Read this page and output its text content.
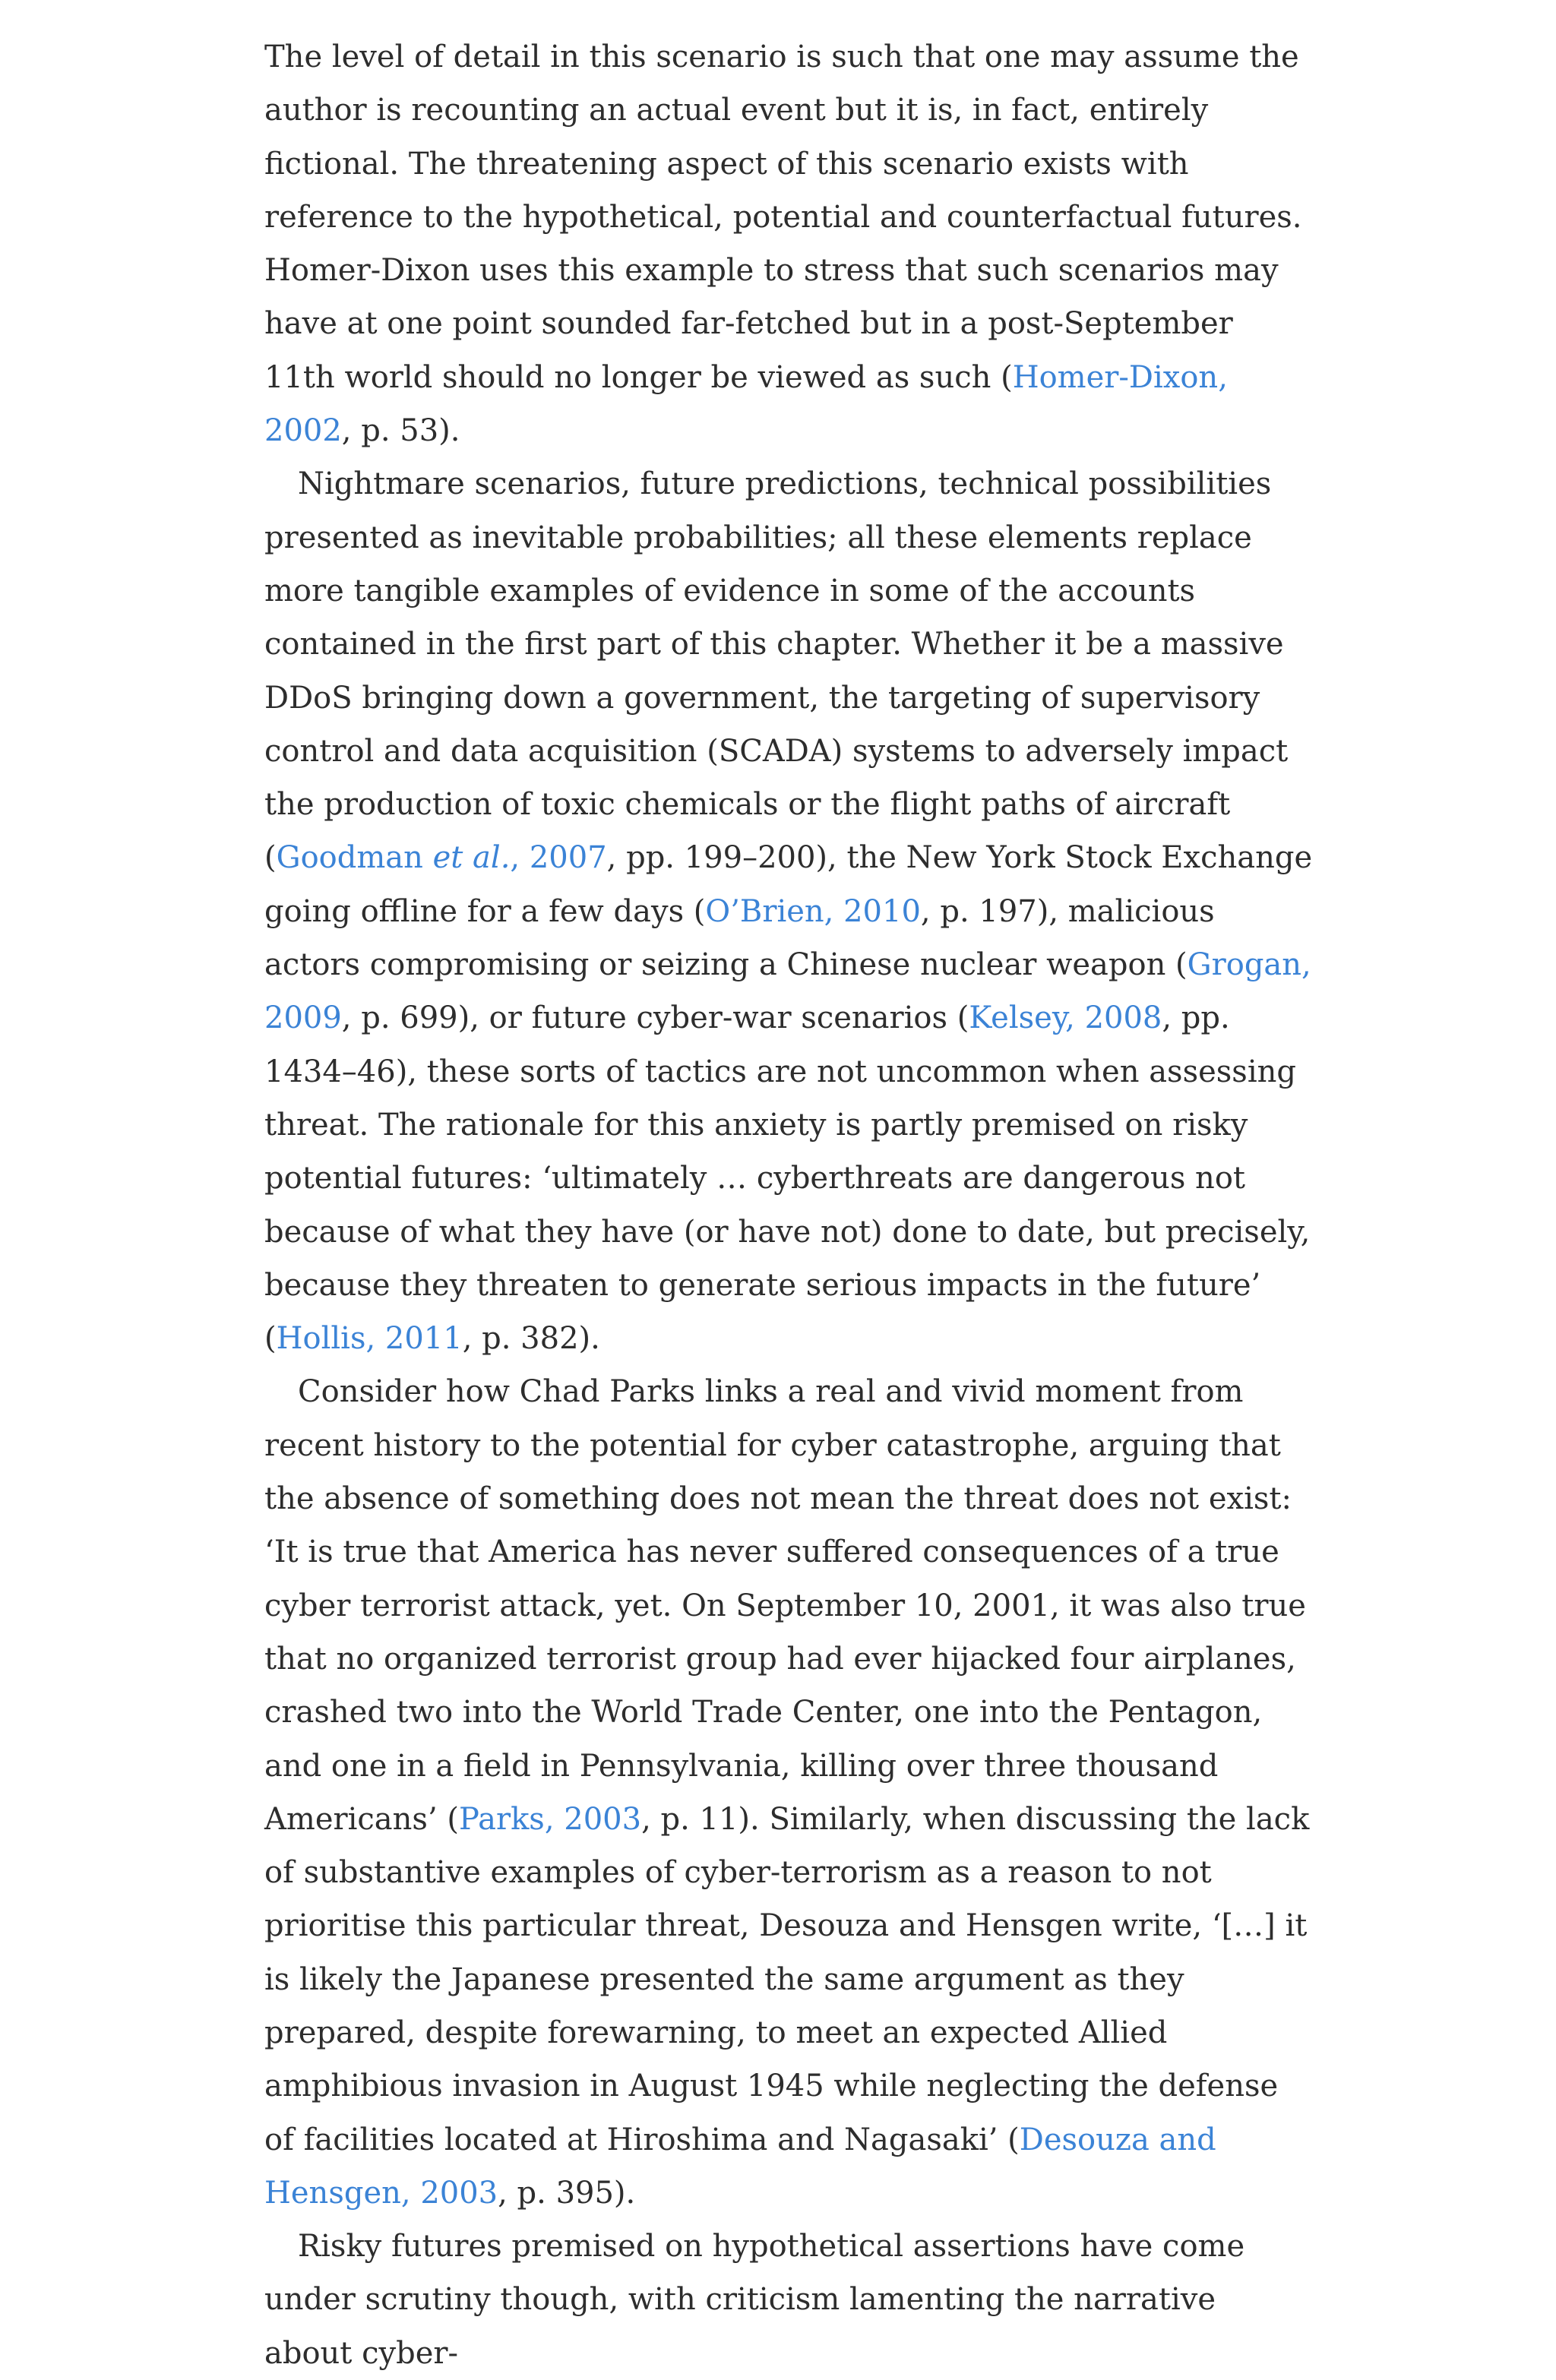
The level of detail in this scenario is such that one may assume the author is recounting an actual event but it is, in fact, entirely fictional. The threatening aspect of this scenario exists with reference to the hypothetical, potential and counterfactual futures. Homer-Dixon uses this example to stress that such scenarios may have at one point sounded far-fetched but in a post-September 11th world should no longer be viewed as such (Homer-Dixon, 2002, p. 53).

Nightmare scenarios, future predictions, technical possibilities presented as inevitable probabilities; all these elements replace more tangible examples of evidence in some of the accounts contained in the first part of this chapter. Whether it be a massive DDoS bringing down a government, the targeting of supervisory control and data acquisition (SCADA) systems to adversely impact the production of toxic chemicals or the flight paths of aircraft (Goodman et al., 2007, pp. 199–200), the New York Stock Exchange going offline for a few days (O’Brien, 2010, p. 197), malicious actors compromising or seizing a Chinese nuclear weapon (Grogan, 2009, p. 699), or future cyber-war scenarios (Kelsey, 2008, pp. 1434–46), these sorts of tactics are not uncommon when assessing threat. The rationale for this anxiety is partly premised on risky potential futures: ‘ultimately … cyberthreats are dangerous not because of what they have (or have not) done to date, but precisely, because they threaten to generate serious impacts in the future’ (Hollis, 2011, p. 382).

Consider how Chad Parks links a real and vivid moment from recent history to the potential for cyber catastrophe, arguing that the absence of something does not mean the threat does not exist: ‘It is true that America has never suffered consequences of a true cyber terrorist attack, yet. On September 10, 2001, it was also true that no organized terrorist group had ever hijacked four airplanes, crashed two into the World Trade Center, one into the Pentagon, and one in a field in Pennsylvania, killing over three thousand Americans’ (Parks, 2003, p. 11). Similarly, when discussing the lack of substantive examples of cyber-terrorism as a reason to not prioritise this particular threat, Desouza and Hensgen write, ‘[…] it is likely the Japanese presented the same argument as they prepared, despite forewarning, to meet an expected Allied amphibious invasion in August 1945 while neglecting the defense of facilities located at Hiroshima and Nagasaki’ (Desouza and Hensgen, 2003, p. 395).

Risky futures premised on hypothetical assertions have come under scrutiny though, with criticism lamenting the narrative about cyber-
